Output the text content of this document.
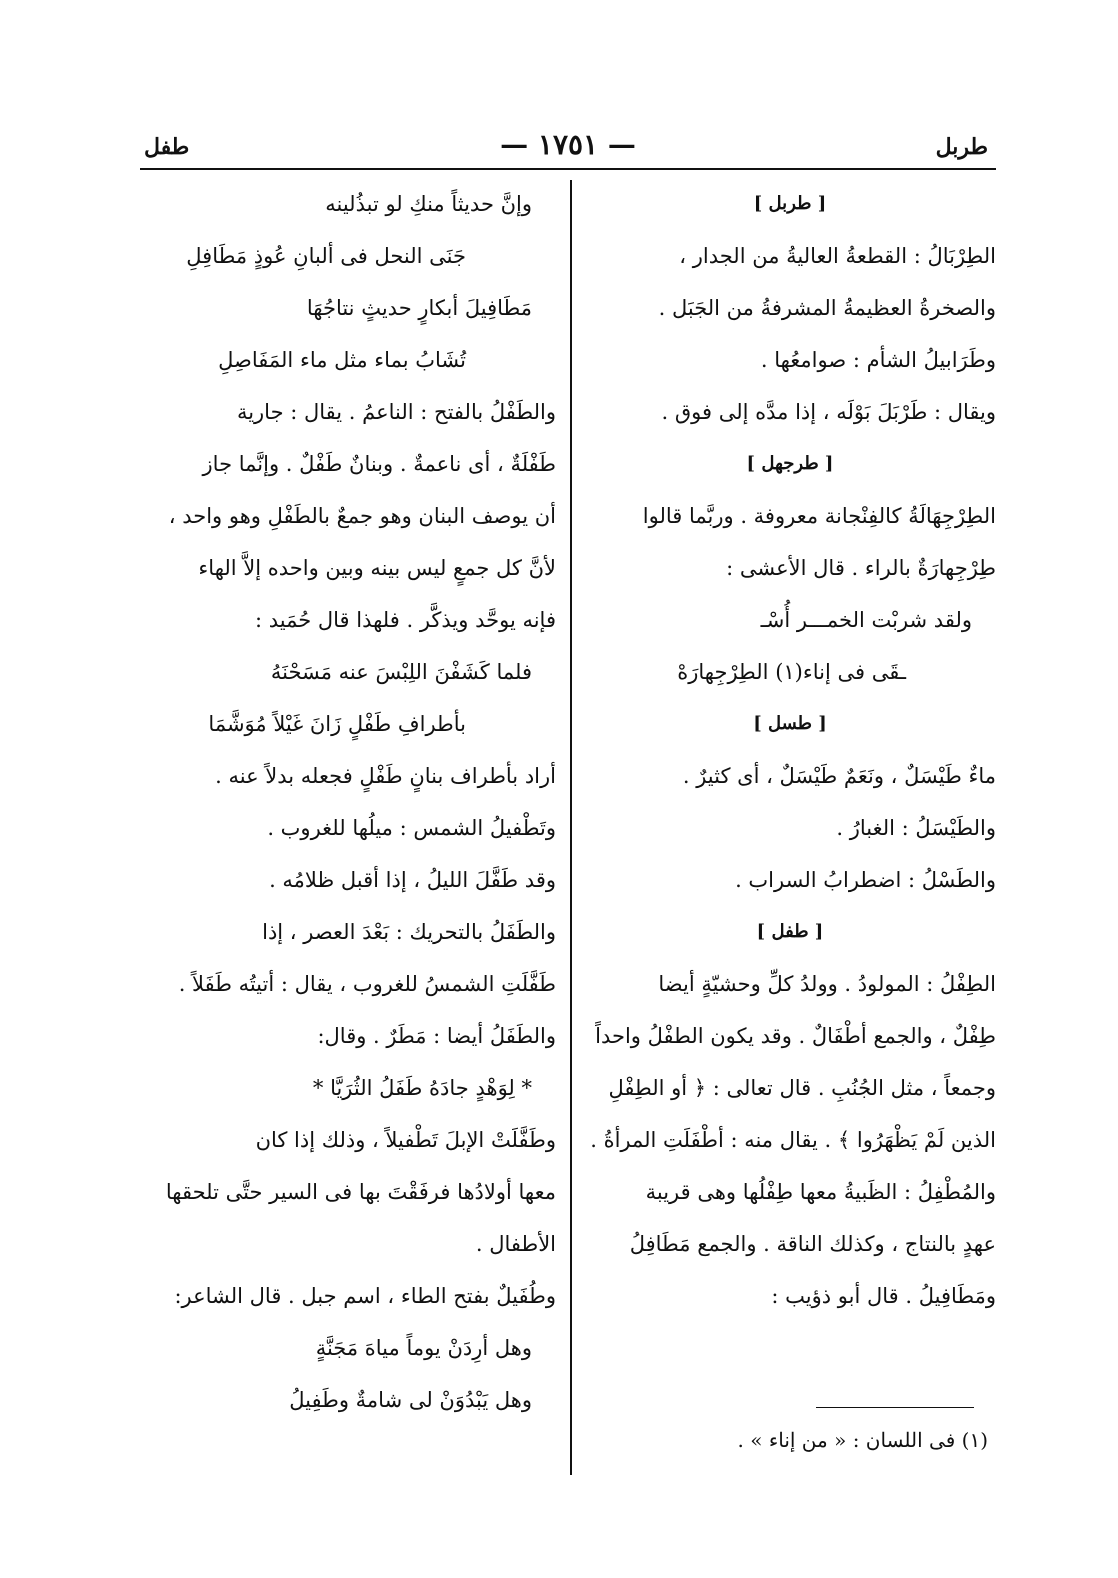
طربل
— ١٧٥١ —
طفل
[ طربل ]
الطِرْبَالُ : القطعةُ العاليةُ من الجدار ،
والصخرةُ العظيمةُ المشرفةُ من الجَبَل .
وطَرَابيلُ الشأم : صوامعُها .
ويقال : طَرْبَلَ بَوْلَه ، إذا مدَّه إلى فوق .
[ طرجهل ]
الطِرْجِهَالَةُ كالفِنْجانة معروفة . وربَّما قالوا
طِرْجِهارَةٌ بالراء . قال الأعشى :
ولقد شربْت الخمـــر أُسْـ
ـقَى فى إناء(١) الطِرْجِهارَهْ
[ طسل ]
ماءٌ طَيْسَلٌ ، ونَعَمٌ طَيْسَلٌ ، أى كثيرٌ .
والطَيْسَلُ : الغبارُ .
والطَسْلُ : اضطرابُ السراب .
[ طفل ]
الطِفْلُ : المولودُ . وولدُ كلِّ وحشيّةٍ أيضا
طِفْلٌ ، والجمع أطْفَالٌ . وقد يكون الطفْلُ واحداً
وجمعاً ، مثل الجُنُبِ . قال تعالى : ﴿ أو الطِفْلِ
الذين لَمْ يَظْهَرُوا ﴾ . يقال منه : أطْفَلَتِ المرأةُ .
والمُطْفِلُ : الظَبيةُ معها طِفْلُها وهى قريبة
عهدٍ بالنتاج ، وكذلك الناقة . والجمع مَطَافِلُ
ومَطَافِيلُ . قال أبو ذؤيب :
وإنَّ حديثاً منكِ لو تبذُلينه
جَنَى النحل فى ألبانِ عُوذٍ مَطَافِلِ
مَطَافِيلَ أبكارٍ حديثٍ نتاجُهَا
تُشَابُ بماء مثل ماء المَفَاصِلِ
والطَفْلُ بالفتح : الناعمُ . يقال : جارية
طَفْلَةٌ ، أى ناعمةٌ . وبنانٌ طَفْلٌ . وإنَّما جاز
أن يوصف البنان وهو جمعٌ بالطَفْلِ وهو واحد ،
لأنَّ كل جمعٍ ليس بينه وبين واحده إلاَّ الهاء
فإنه يوحَّد ويذكَّر . فلهذا قال حُمَيد :
فلما كَشَفْنَ اللِبْسَ عنه مَسَحْنَهُ
بأطرافِ طَفْلٍ زَانَ غَيْلاً مُوَشَّمَا
أراد بأطراف بنانٍ طَفْلٍ فجعله بدلاً عنه .
وتَطْفيلُ الشمس : ميلُها للغروب .
وقد طَفَّلَ الليلُ ، إذا أقبل ظلامُه .
والطَفَلُ بالتحريك : بَعْدَ العصر ، إذا
طَفَّلَتِ الشمسُ للغروب ، يقال : أتيتُه طَفَلاً .
والطَفَلُ أيضا : مَطَرٌ . وقال:
* لِوَهْدٍ جادَهُ طَفَلُ الثُرَيَّا *
وطَفَّلَتْ الإبلَ تَطْفيلاً ، وذلك إذا كان
معها أولادُها فرفَقْتَ بها فى السير حتَّى تلحقها
الأطفال .
وطُفَيلٌ بفتح الطاء ، اسم جبل . قال الشاعر:
وهل أرِدَنْ يوماً مياهَ مَجَنَّةٍ
وهل يَبْدُوَنْ لى شامةٌ وطَفِيلُ
(١) فى اللسان : « من إناء » .
